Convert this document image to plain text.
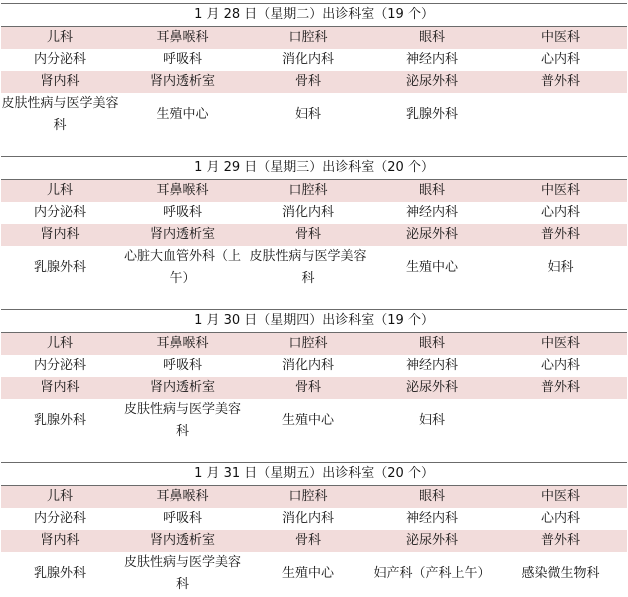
1 月 28 日（星期二）出诊科室（19 个）				
儿科	耳鼻喉科	口腔科	眼科	中医科
内分泌科	呼吸科	消化内科	神经内科	心内科
肾内科	肾内透析室	骨科	泌尿外科	普外科
皮肤性病与医学美容科	生殖中心	妇科	乳腺外科	
1 月 29 日（星期三）出诊科室（20 个）				
儿科	耳鼻喉科	口腔科	眼科	中医科
内分泌科	呼吸科	消化内科	神经内科	心内科
肾内科	肾内透析室	骨科	泌尿外科	普外科
乳腺外科	心脏大血管外科（上午）	皮肤性病与医学美容科	生殖中心	妇科
1 月 30 日（星期四）出诊科室（19 个）				
儿科	耳鼻喉科	口腔科	眼科	中医科
内分泌科	呼吸科	消化内科	神经内科	心内科
肾内科	肾内透析室	骨科	泌尿外科	普外科
乳腺外科	皮肤性病与医学美容科	生殖中心	妇科	
1 月 31 日（星期五）出诊科室（20 个）				
儿科	耳鼻喉科	口腔科	眼科	中医科
内分泌科	呼吸科	消化内科	神经内科	心内科
肾内科	肾内透析室	骨科	泌尿外科	普外科
乳腺外科	皮肤性病与医学美容科	生殖中心	妇产科（产科上午）	感染微生物科
